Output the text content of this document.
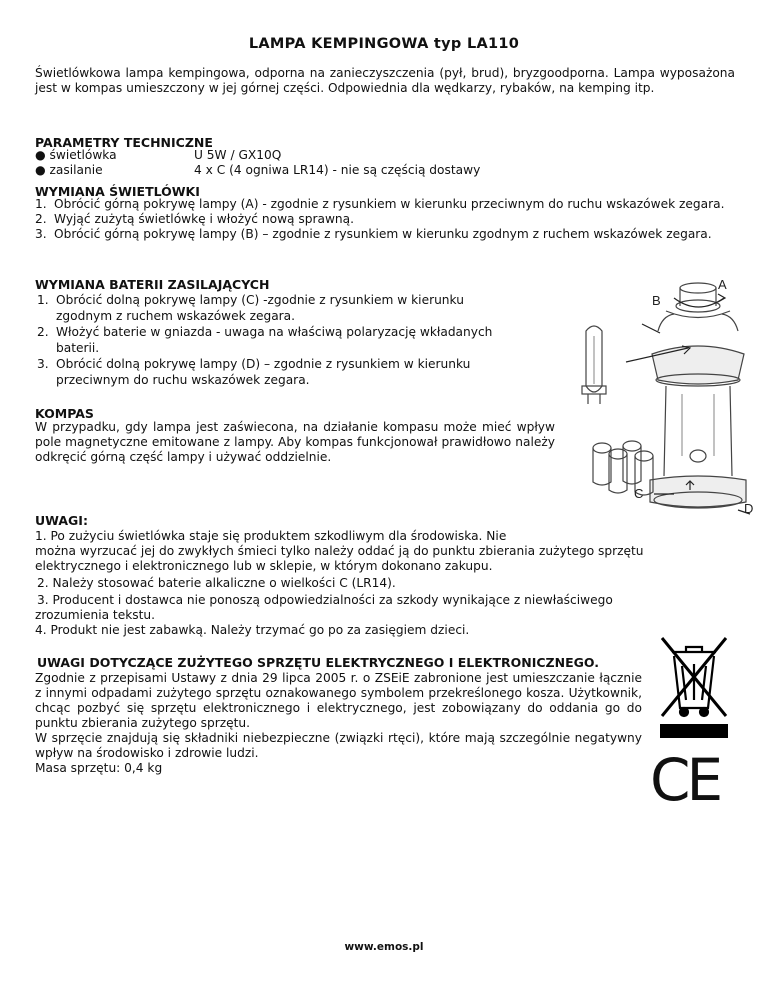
LAMPA KEMPINGOWA typ LA110
Świetlówkowa lampa kempingowa, odporna na zanieczyszczenia (pył, brud), bryzgoodporna. Lampa wyposażona jest w kompas umieszczony w jej górnej części. Odpowiednia dla wędkarzy, rybaków, na kemping itp.
PARAMETRY TECHNICZNE
● świetlówka	U 5W / GX10Q
● zasilanie	4 x C (4 ogniwa LR14) - nie są częścią dostawy
WYMIANA ŚWIETLÓWKI
1. Obrócić górną pokrywę lampy (A) - zgodnie z rysunkiem w kierunku przeciwnym do ruchu wskazówek zegara.
2. Wyjąć zużytą świetlówkę i włożyć nową sprawną.
3. Obrócić górną pokrywę lampy (B) – zgodnie z rysunkiem w kierunku zgodnym z ruchem wskazówek zegara.
WYMIANA BATERII ZASILAJĄCYCH
1. Obrócić dolną pokrywę lampy (C) -zgodnie z rysunkiem w kierunku zgodnym z ruchem wskazówek zegara.
2. Włożyć baterie w gniazda - uwaga na właściwą polaryzację wkładanych baterii.
3. Obrócić dolną pokrywę lampy (D) – zgodnie z rysunkiem w kierunku przeciwnym do ruchu wskazówek zegara.
KOMPAS
W przypadku, gdy lampa jest zaświecona, na działanie kompasu może mieć wpływ pole magnetyczne emitowane z lampy. Aby kompas funkcjonował prawidłowo należy odkręcić górną część lampy i używać oddzielnie.
A
B
C
D
UWAGI:
1. Po zużyciu świetlówka staje się produktem szkodliwym dla środowiska. Nie
można wyrzucać jej do zwykłych śmieci tylko należy oddać ją do punktu zbierania zużytego sprzętu
elektrycznego i elektronicznego lub w sklepie, w którym dokonano zakupu.
2. Należy stosować baterie alkaliczne o wielkości C (LR14).
3. Producent i dostawca nie ponoszą odpowiedzialności za szkody wynikające z niewłaściwego
zrozumienia tekstu.
4. Produkt nie jest zabawką. Należy trzymać go po za zasięgiem dzieci.
UWAGI DOTYCZĄCE ZUŻYTEGO SPRZĘTU ELEKTRYCZNEGO I ELEKTRONICZNEGO.
Zgodnie z przepisami Ustawy z dnia 29 lipca 2005 r. o ZSEiE zabronione jest umieszczanie łącznie z innymi odpadami zużytego sprzętu oznakowanego symbolem przekreślonego kosza. Użytkownik, chcąc pozbyć się sprzętu elektronicznego i elektrycznego, jest zobowiązany do oddania go do punktu zbierania zużytego sprzętu.
W sprzęcie znajdują się składniki niebezpieczne (związki rtęci), które mają szczególnie negatywny wpływ na środowisko i zdrowie ludzi.
Masa sprzętu: 0,4 kg	CE
www.emos.pl
